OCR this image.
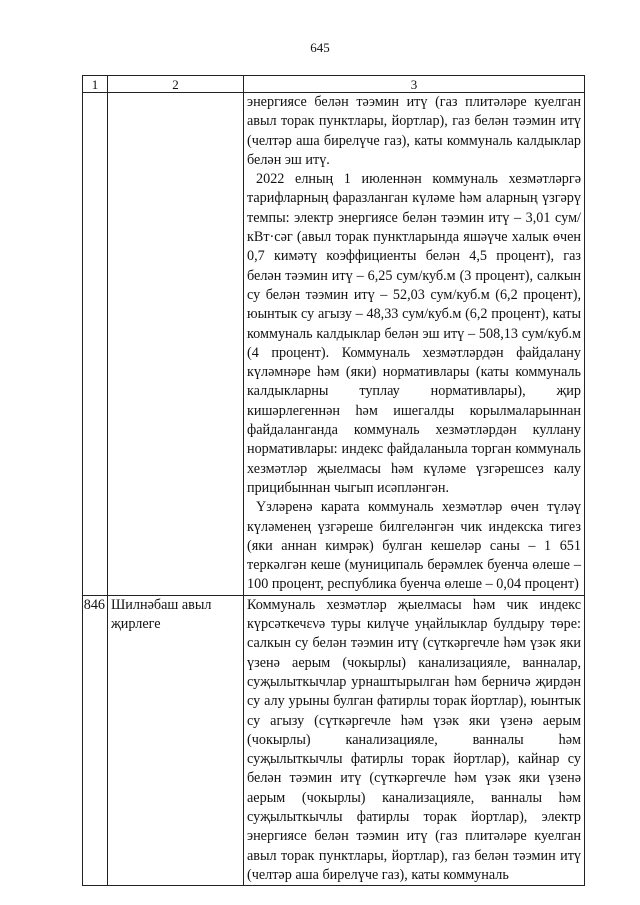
645
1	2	3

		энергиясе белән тәэмин итү (газ плитәләре куелган авыл торак пунктлары, йортлар), газ белән тәэмин итү (челтәр аша бирелүче газ), каты коммуналь калдыклар белән эш итү.

2022 елның 1 июленнән коммуналь хезмәтләргә тарифларның фаразланган күләме һәм аларның үзгәрү темпы: электр энергиясе белән тәэмин итү – 3,01 сум/кВт·сәг (авыл торак пунктларында яшәүче халык өчен 0,7 кимәтү коэффициенты белән 4,5 процент), газ белән тәэмин итү – 6,25 сум/куб.м (3 процент), салкын су белән тәэмин итү – 52,03 сум/куб.м (6,2 процент), юынтык су агызу – 48,33 сум/куб.м (6,2 процент), каты коммуналь калдыклар белән эш итү – 508,13 сум/куб.м (4 процент). Коммуналь хезмәтләрдән файдалану күләмнәре һәм (яки) нормативлары (каты коммуналь калдыкларны туплау нормативлары), җир кишәрлегеннән һәм ишегалды корылмаларыннан файдаланганда коммуналь хезмәтләрдән куллану нормативлары: индекс файдаланыла торган коммуналь хезмәтләр җыелмасы һәм күләме үзгәрешсез калу прицибыннан чыгып исәпләнгән.

Үзләренә карата коммуналь хезмәтләр өчен түләү күләменең үзгәреше билгеләнгән чик индекска тигез (яки аннан кимрәк) булган кешеләр саны – 1 651 теркәлгән кеше (муниципаль берәмлек буенча өлеше – 100 процент, республика буенча өлеше – 0,04 процент)

846	Шилнәбаш авыл җирлеге	Коммуналь хезмәтләр җыелмасы һәм чик индекс күрсәткечενә туры килүче уңайлыклар булдыру төре: салкын су белән тәэмин итү (сүткәргечле һәм үзәк яки үзенә аерым (чокырлы) канализацияле, ванналар, суҗылыткычлар урнаштырылган һәм берничә җирдән су алу урыны булган фатирлы торак йортлар), юынтык су агызу (сүткәргечле һәм үзәк яки үзенә аерым (чокырлы) канализацияле, ванналы һәм суҗылыткычлы фатирлы торак йортлар), кайнар су белән тәэмин итү (сүткәргечле һәм үзәк яки үзенә аерым (чокырлы) канализацияле, ванналы һәм суҗылыткычлы фатирлы торак йортлар), электр энергиясе белән тәэмин итү (газ плитәләре куелган авыл торак пунктлары, йортлар), газ белән тәэмин итү (челтәр аша бирелүче газ), каты коммуналь
